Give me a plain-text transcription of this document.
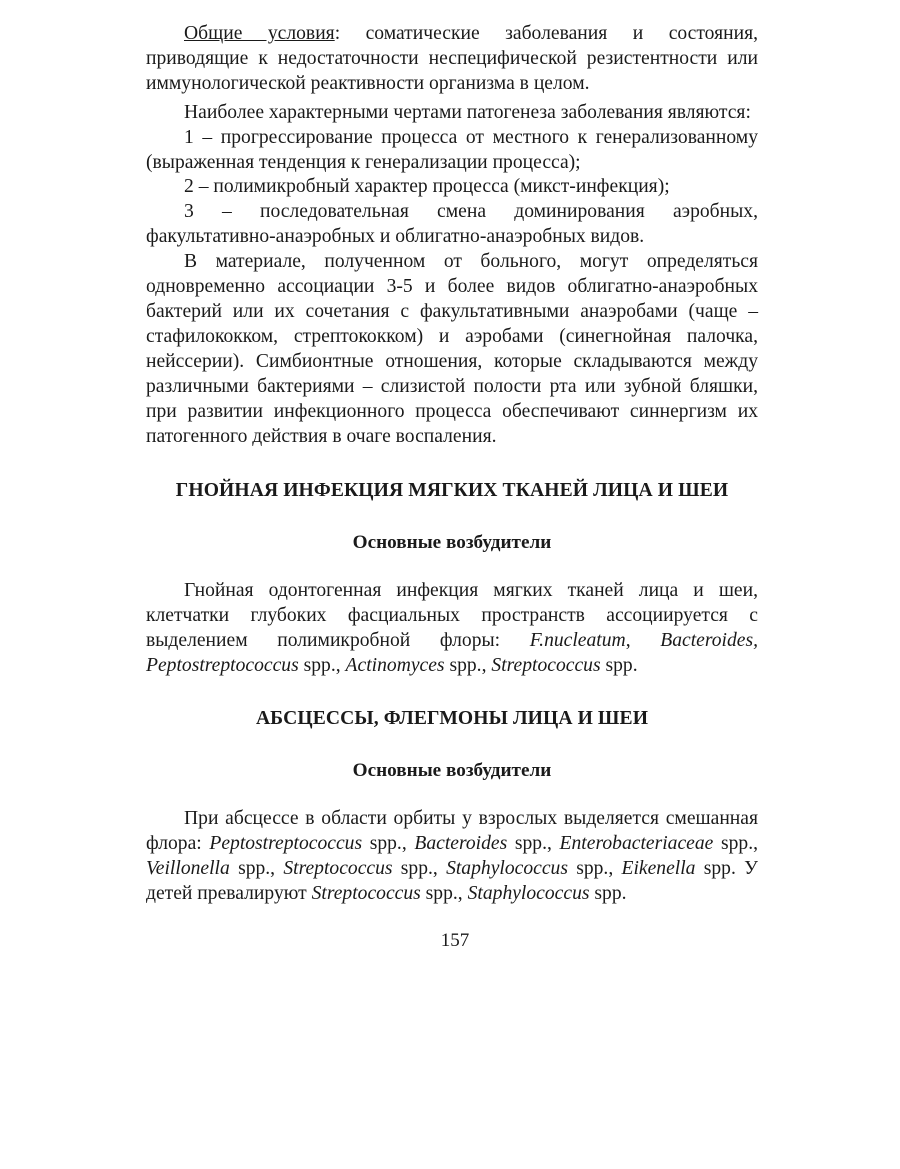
Общие условия: соматические заболевания и состояния, приводящие к недостаточности неспецифической резистентности или иммунологической реактивности организма в целом.

Наиболее характерными чертами патогенеза заболевания являются:

1 – прогрессирование процесса от местного к генерализованному (выраженная тенденция к генерализации процесса);

2 – полимикробный характер процесса (микст-инфекция);

3 – последовательная смена доминирования аэробных, факультативно-анаэробных и облигатно-анаэробных видов.

В материале, полученном от больного, могут определяться одновременно ассоциации 3-5 и более видов облигатно-анаэробных бактерий или их сочетания с факультативными анаэробами (чаще – стафилококком, стрептококком) и аэробами (синегнойная палочка, нейссерии). Симбионтные отношения, которые складываются между различными бактериями – слизистой полости рта или зубной бляшки, при развитии инфекционного процесса обеспечивают синнергизм их патогенного действия в очаге воспаления.

ГНОЙНАЯ ИНФЕКЦИЯ МЯГКИХ ТКАНЕЙ ЛИЦА И ШЕИ
Основные возбудители

Гнойная одонтогенная инфекция мягких тканей лица и шеи, клетчатки глубоких фасциальных пространств ассоциируется с выделением полимикробной флоры: F.nucleatum, Bacteroides, Peptostreptococcus spp., Actinomyces spp., Streptococcus spp.

АБСЦЕССЫ, ФЛЕГМОНЫ ЛИЦА И ШЕИ
Основные возбудители

При абсцессе в области орбиты у взрослых выделяется смешанная флора: Peptostreptococcus spp., Bacteroides spp., Enterobacteriaceae spp., Veillonella spp., Streptococcus spp., Staphylococcus spp., Eikenella spp. У детей превалируют Streptococcus spp., Staphylococcus spp.

157
